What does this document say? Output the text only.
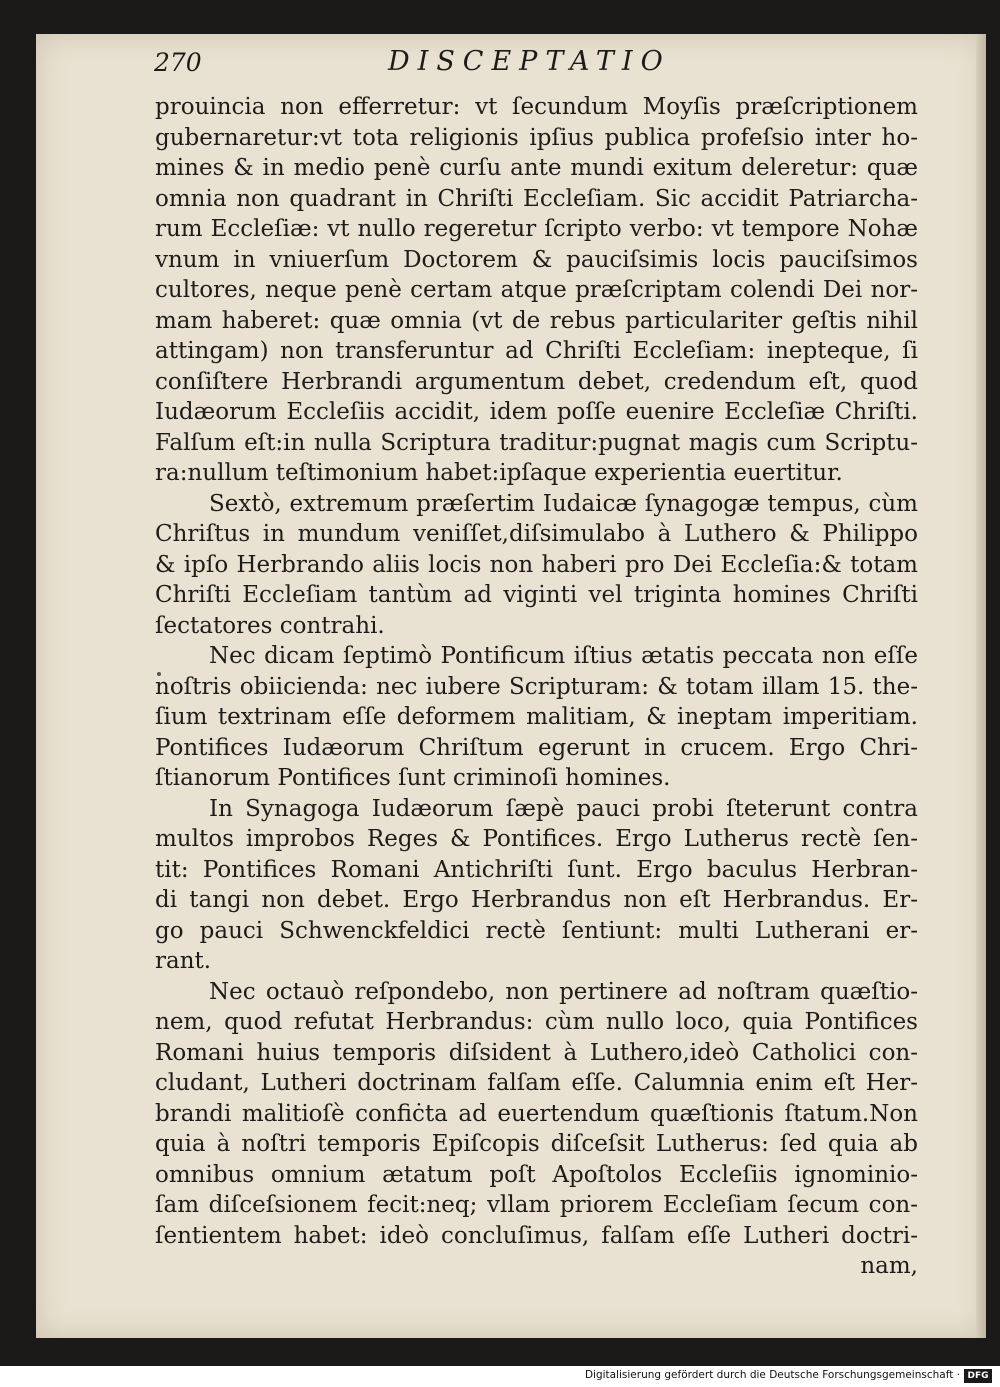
270	DISCEPTATIO
prouincia non efferretur: vt ſecundum Moyſis præſcriptionem
gubernaretur:vt tota religionis ipſius publica profeſsio inter ho-
mines & in medio penè curſu ante mundi exitum deleretur: quæ
omnia non quadrant in Chriſti Eccleſiam. Sic accidit Patriarcha-
rum Eccleſiæ: vt nullo regeretur ſcripto verbo: vt tempore Nohæ
vnum in vniuerſum Doctorem & pauciſsimis locis pauciſsimos
cultores, neque penè certam atque præſcriptam colendi Dei nor-
mam haberet: quæ omnia (vt de rebus particulariter geſtis nihil
attingam) non transferuntur ad Chriſti Eccleſiam: inepteque, ſi
conſiſtere Herbrandi argumentum debet, credendum eſt, quod
Iudæorum Eccleſiis accidit, idem poſſe euenire Eccleſiæ Chriſti.
Falſum eſt:in nulla Scriptura traditur:pugnat magis cum Scriptu-
ra:nullum teſtimonium habet:ipſaque experientia euertitur.
Sextò, extremum præſertim Iudaicæ ſynagogæ tempus, cùm
Chriſtus in mundum veniſſet,diſsimulabo à Luthero & Philippo
& ipſo Herbrando aliis locis non haberi pro Dei Eccleſia:& totam
Chriſti Eccleſiam tantùm ad viginti vel triginta homines Chriſti
ſectatores contrahi.
Nec dicam ſeptimò Pontificum iſtius ætatis peccata non eſſe
noſtris obiicienda: nec iubere Scripturam: & totam illam 15. the-
ſium textrinam eſſe deformem malitiam, & ineptam imperitiam.
Pontifices Iudæorum Chriſtum egerunt in crucem. Ergo Chri-
ſtianorum Pontifices ſunt criminoſi homines.
In Synagoga Iudæorum ſæpè pauci probi ſteterunt contra
multos improbos Reges & Pontifices. Ergo Lutherus rectè ſen-
tit: Pontifices Romani Antichriſti ſunt. Ergo baculus Herbran-
di tangi non debet. Ergo Herbrandus non eſt Herbrandus. Er-
go pauci Schwenckfeldici rectè ſentiunt: multi Lutherani er-
rant.
Nec octauò reſpondebo, non pertinere ad noſtram quæſtio-
nem, quod refutat Herbrandus: cùm nullo loco, quia Pontifices
Romani huius temporis diſsident à Luthero,ideò Catholici con-
cludant, Lutheri doctrinam falſam eſſe. Calumnia enim eſt Her-
brandi malitioſè confiċta ad euertendum quæſtionis ſtatum.Non
quia à noſtri temporis Epiſcopis diſceſsit Lutherus: ſed quia ab
omnibus omnium ætatum poſt Apoſtolos Eccleſiis ignominio-
ſam diſceſsionem fecit:neq; vllam priorem Eccleſiam ſecum con-
ſentientem habet: ideò concluſimus, falſam eſſe Lutheri doctri-
nam,
Digitalisierung gefördert durch die Deutsche Forschungsgemeinschaft · DFG
